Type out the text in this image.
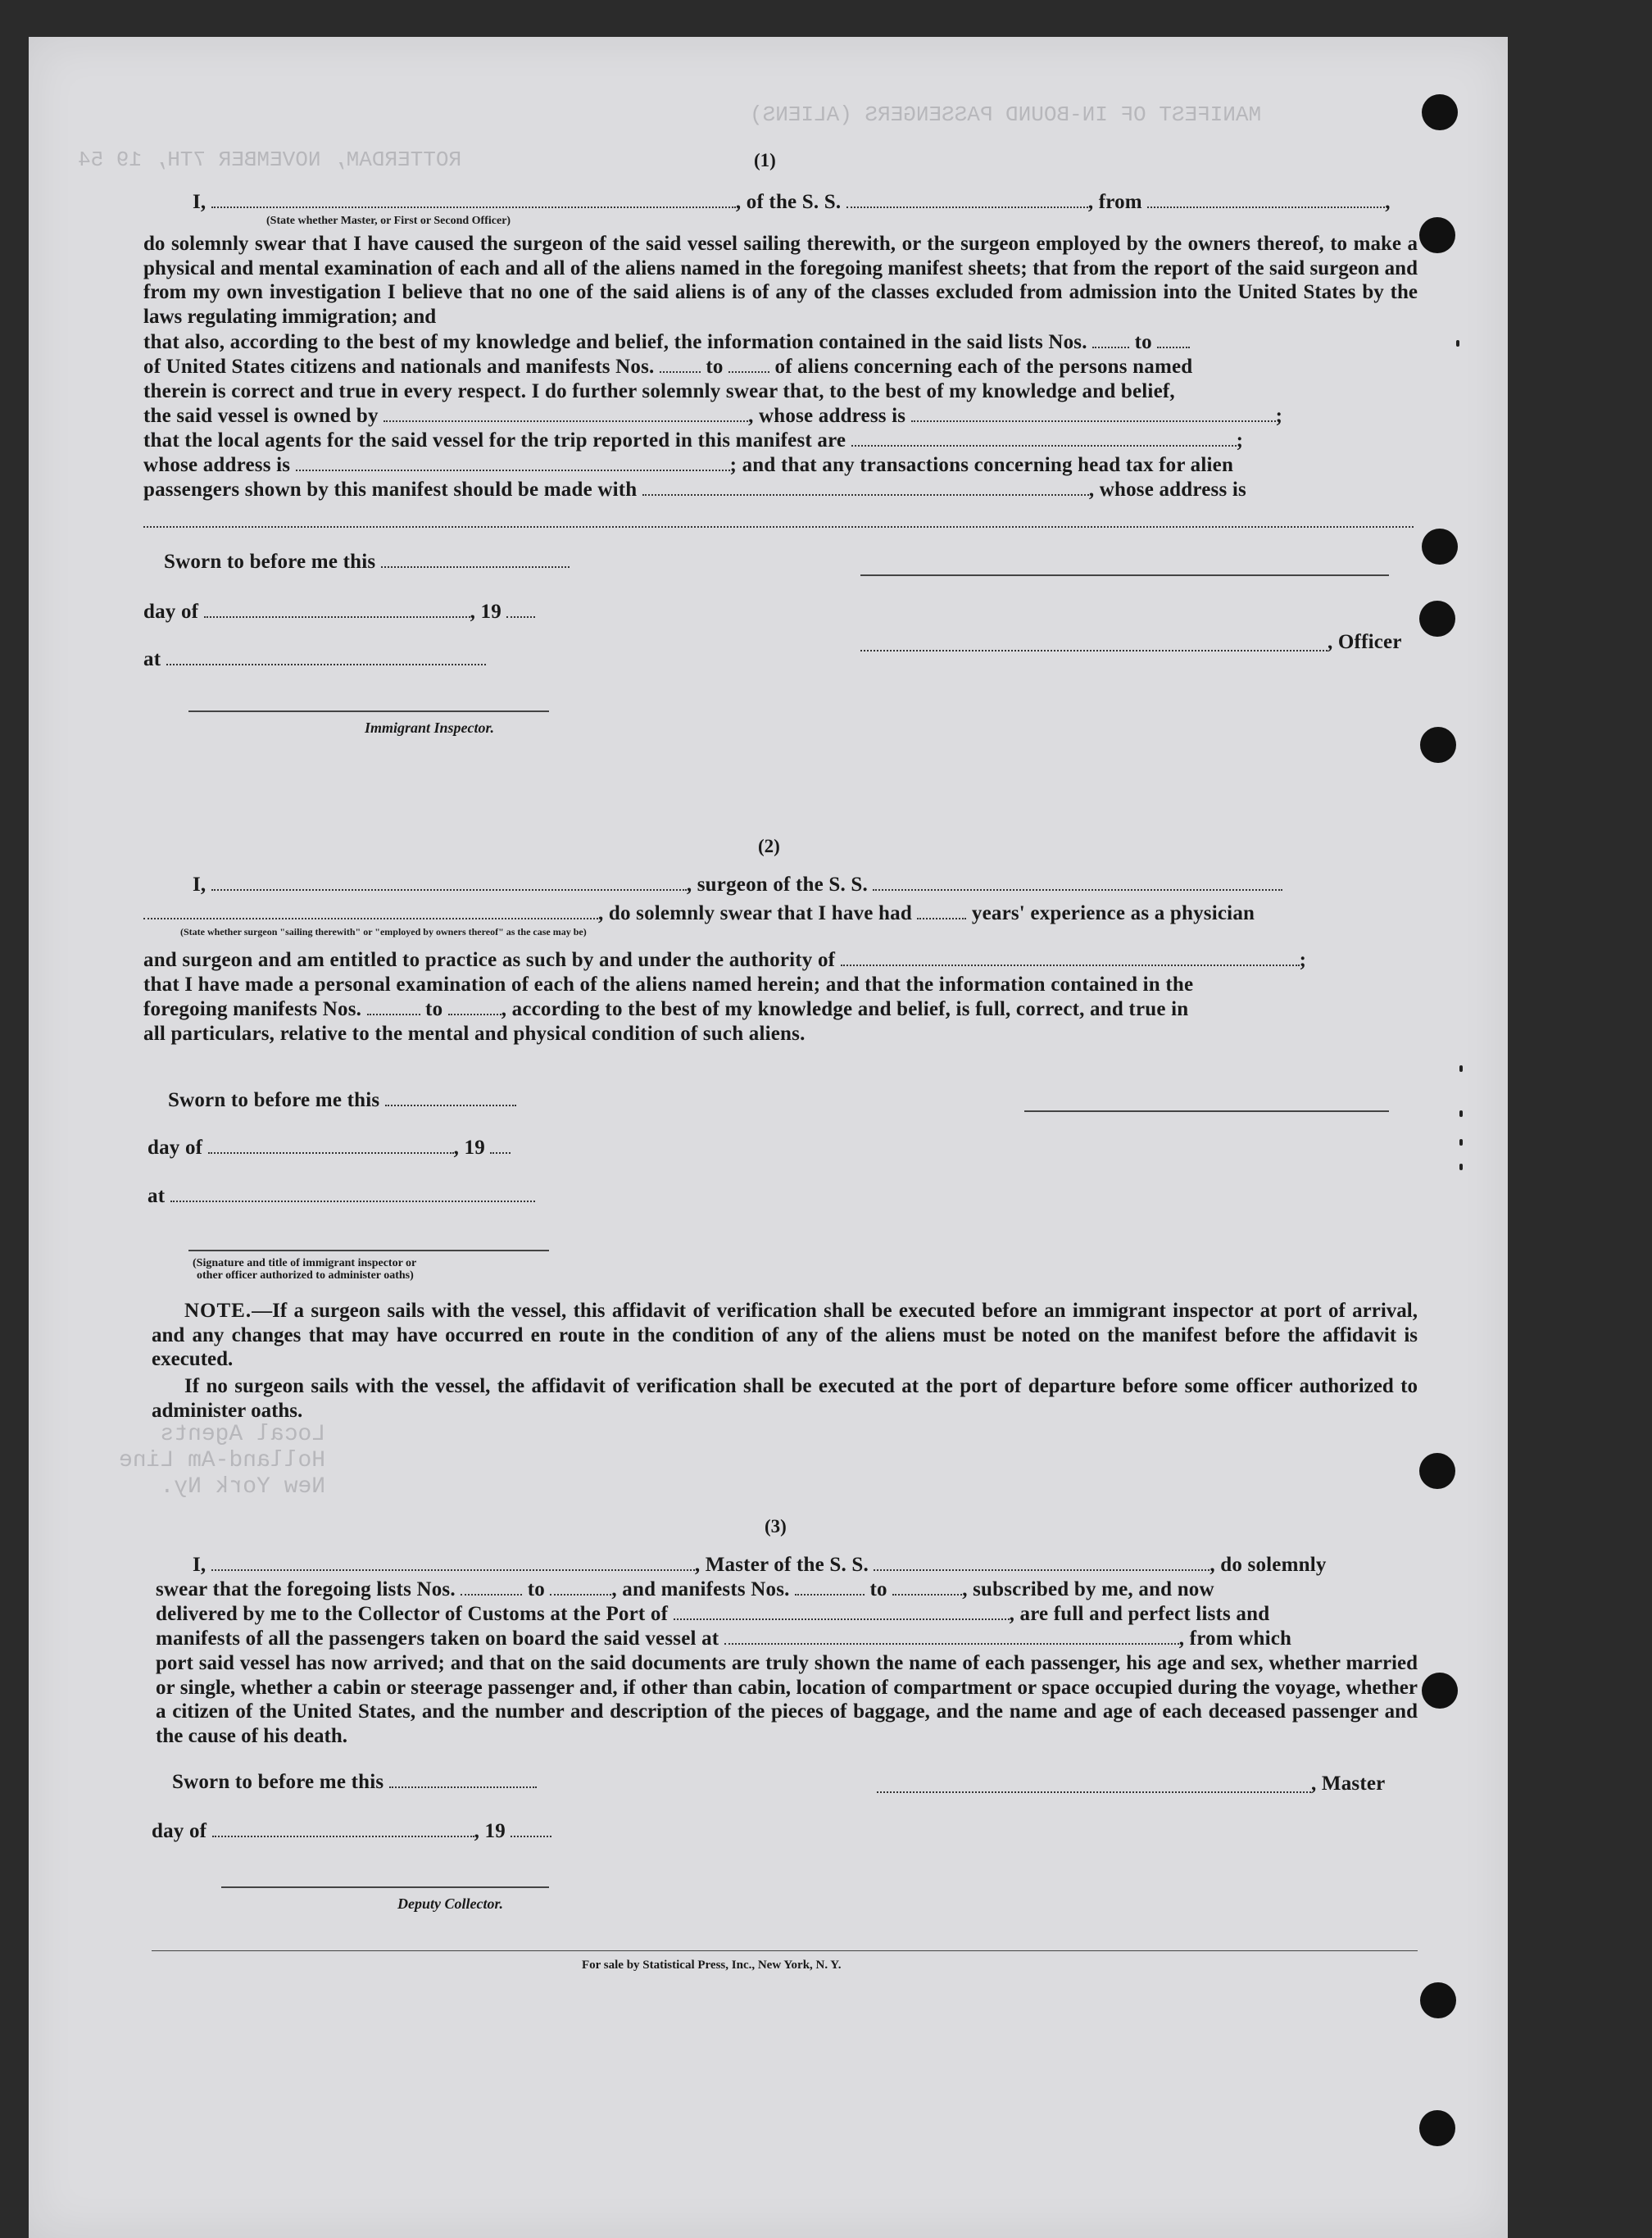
MANIFEST OF IN-BOUND PASSENGERS (ALIENS)
ROTTERDAM, NOVEMBER 7TH, 19 54
Local Agents
Holland-Am Line
New York Ny.
(1)
I,	, of the S. S.	, from	,
(State whether Master, or First or Second Officer)
do solemnly swear that I have caused the surgeon of the said vessel sailing therewith, or the surgeon employed by the owners thereof, to make a physical and mental examination of each and all of the aliens named in the foregoing manifest sheets; that from the report of the said surgeon and from my own investigation I believe that no one of the said aliens is of any of the classes excluded from admission into the United States by the laws regulating immigration; and
that also, according to the best of my knowledge and belief, the information contained in the said lists Nos. to
of United States citizens and nationals and manifests Nos.	to	of aliens concerning each of the persons named
therein is correct and true in every respect. I do further solemnly swear that, to the best of my knowledge and belief,
the said vessel is owned by	, whose address is	;
that the local agents for the said vessel for the trip reported in this manifest are	;
whose address is	; and that any transactions concerning head tax for alien
passengers shown by this manifest should be made with	, whose address is
Sworn to before me this
day of	, 19
, Officer
at
Immigrant Inspector.
(2)
I,	, surgeon of the S. S.
, do solemnly swear that I have had	years' experience as a physician
(State whether surgeon "sailing therewith" or "employed by owners thereof" as the case may be)
and surgeon and am entitled to practice as such by and under the authority of	;
that I have made a personal examination of each of the aliens named herein; and that the information contained in the
foregoing manifests Nos.	to	, according to the best of my knowledge and belief, is full, correct, and true in
all particulars, relative to the mental and physical condition of such aliens.
Sworn to before me this
day of	, 19
at
(Signature and title of immigrant inspector or
other officer authorized to administer oaths)
NOTE.—If a surgeon sails with the vessel, this affidavit of verification shall be executed before an immigrant inspector at port of arrival, and any changes that may have occurred en route in the condition of any of the aliens must be noted on the manifest before the affidavit is executed.
If no surgeon sails with the vessel, the affidavit of verification shall be executed at the port of departure before some officer authorized to administer oaths.
(3)
I,	, Master of the S. S.	, do solemnly
swear that the foregoing lists Nos.	to	, and manifests Nos.	to	, subscribed by me, and now
delivered by me to the Collector of Customs at the Port of	, are full and perfect lists and
manifests of all the passengers taken on board the said vessel at	, from which
port said vessel has now arrived; and that on the said documents are truly shown the name of each passenger, his age and sex, whether married or single, whether a cabin or steerage passenger and, if other than cabin, location of compartment or space occupied during the voyage, whether a citizen of the United States, and the number and description of the pieces of baggage, and the name and age of each deceased passenger and the cause of his death.
Sworn to before me this	, Master
day of	, 19
Deputy Collector.
For sale by Statistical Press, Inc., New York, N. Y.
